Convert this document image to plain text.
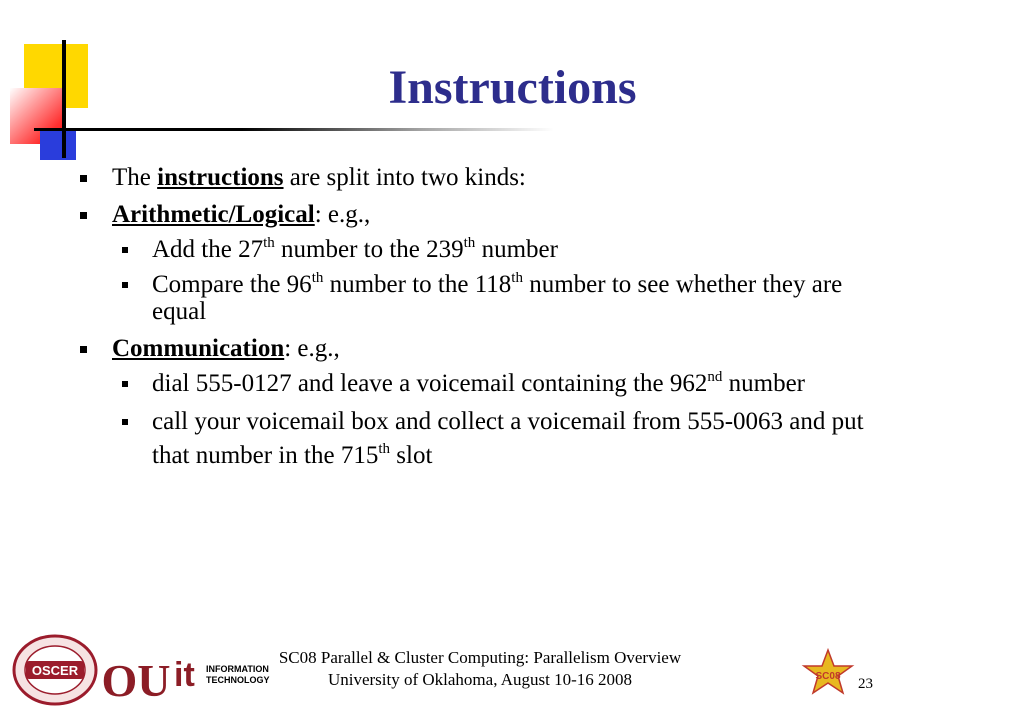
Instructions
The instructions are split into two kinds:
Arithmetic/Logical: e.g.,
Add the 27th number to the 239th number
Compare the 96th number to the 118th number to see whether they are equal
Communication: e.g.,
dial 555-0127 and leave a voicemail containing the 962nd number
call your voicemail box and collect a voicemail from 555-0063 and put that number in the 715th slot
OSCER OU it INFORMATION
TECHNOLOGY	SC08
SC08 Parallel & Cluster Computing: Parallelism Overview
University of Oklahoma, August 10-16 2008	23
